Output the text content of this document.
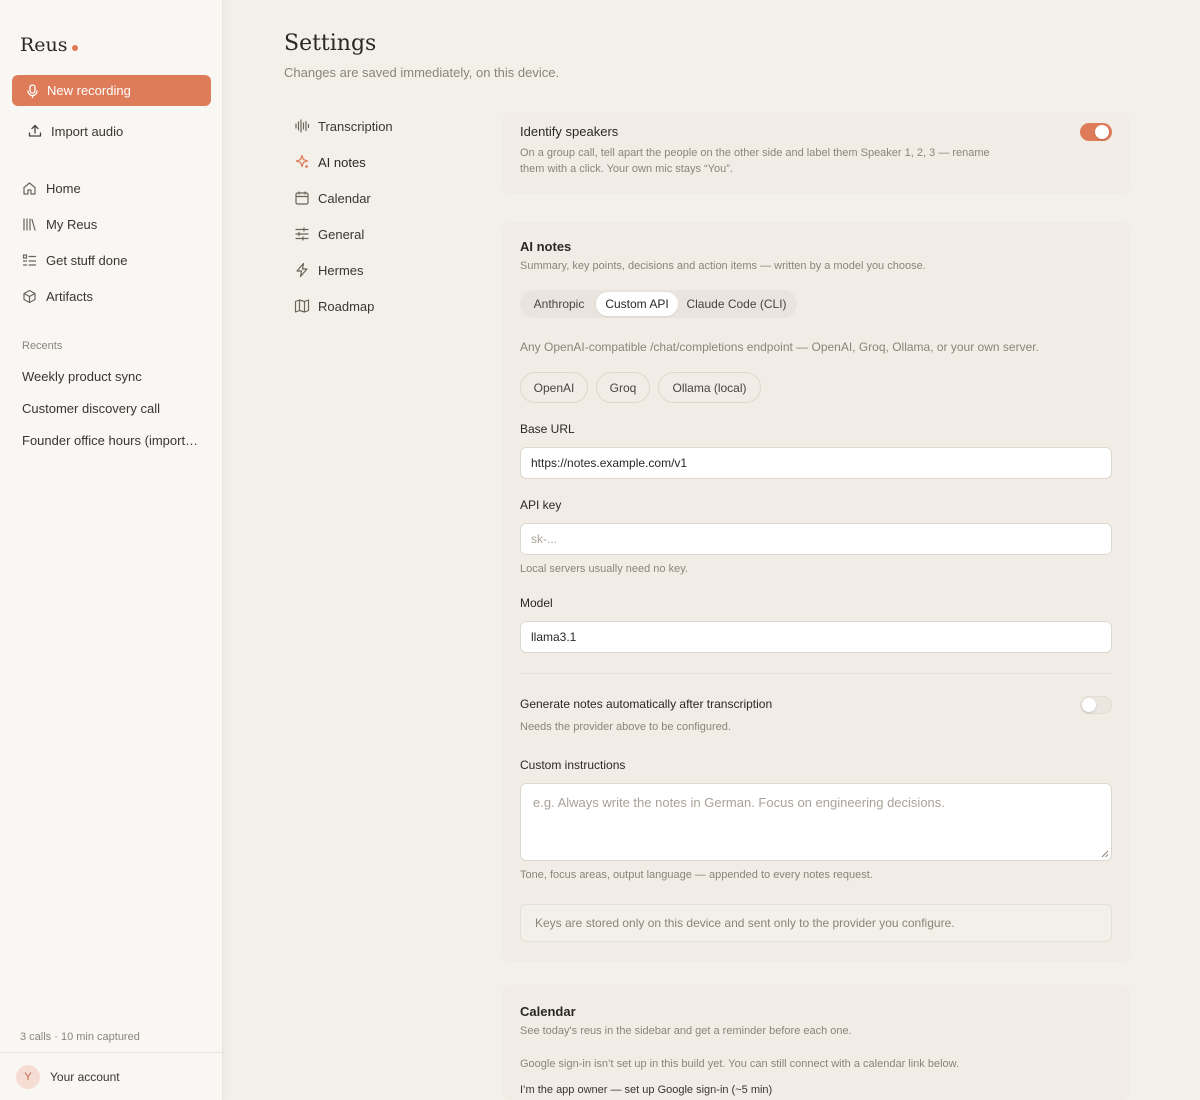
Reus
New recording
Import audio
Home
My Reus
Get stuff done
Artifacts
Recents
Weekly product sync
Customer discovery call
Founder office hours (import…
3 calls · 10 min captured
Y	Your account
Settings
Changes are saved immediately, on this device.
Transcription
AI notes
Calendar
General
Hermes
Roadmap
Identify speakers
On a group call, tell apart the people on the other side and label them Speaker 1, 2, 3 — rename
them with a click. Your own mic stays “You”.
AI notes
Summary, key points, decisions and action items — written by a model you choose.
Anthropic	Custom API	Claude Code (CLI)
Any OpenAI-compatible /chat/completions endpoint — OpenAI, Groq, Ollama, or your own server.
OpenAI	Groq	Ollama (local)
Base URL
https://notes.example.com/v1
API key
sk-...
Local servers usually need no key.
Model
llama3.1
Generate notes automatically after transcription
Needs the provider above to be configured.
Custom instructions
e.g. Always write the notes in German. Focus on engineering decisions.
Tone, focus areas, output language — appended to every notes request.
Keys are stored only on this device and sent only to the provider you configure.
Calendar
See today's reus in the sidebar and get a reminder before each one.
Google sign-in isn’t set up in this build yet. You can still connect with a calendar link below.
I’m the app owner — set up Google sign-in (~5 min)
